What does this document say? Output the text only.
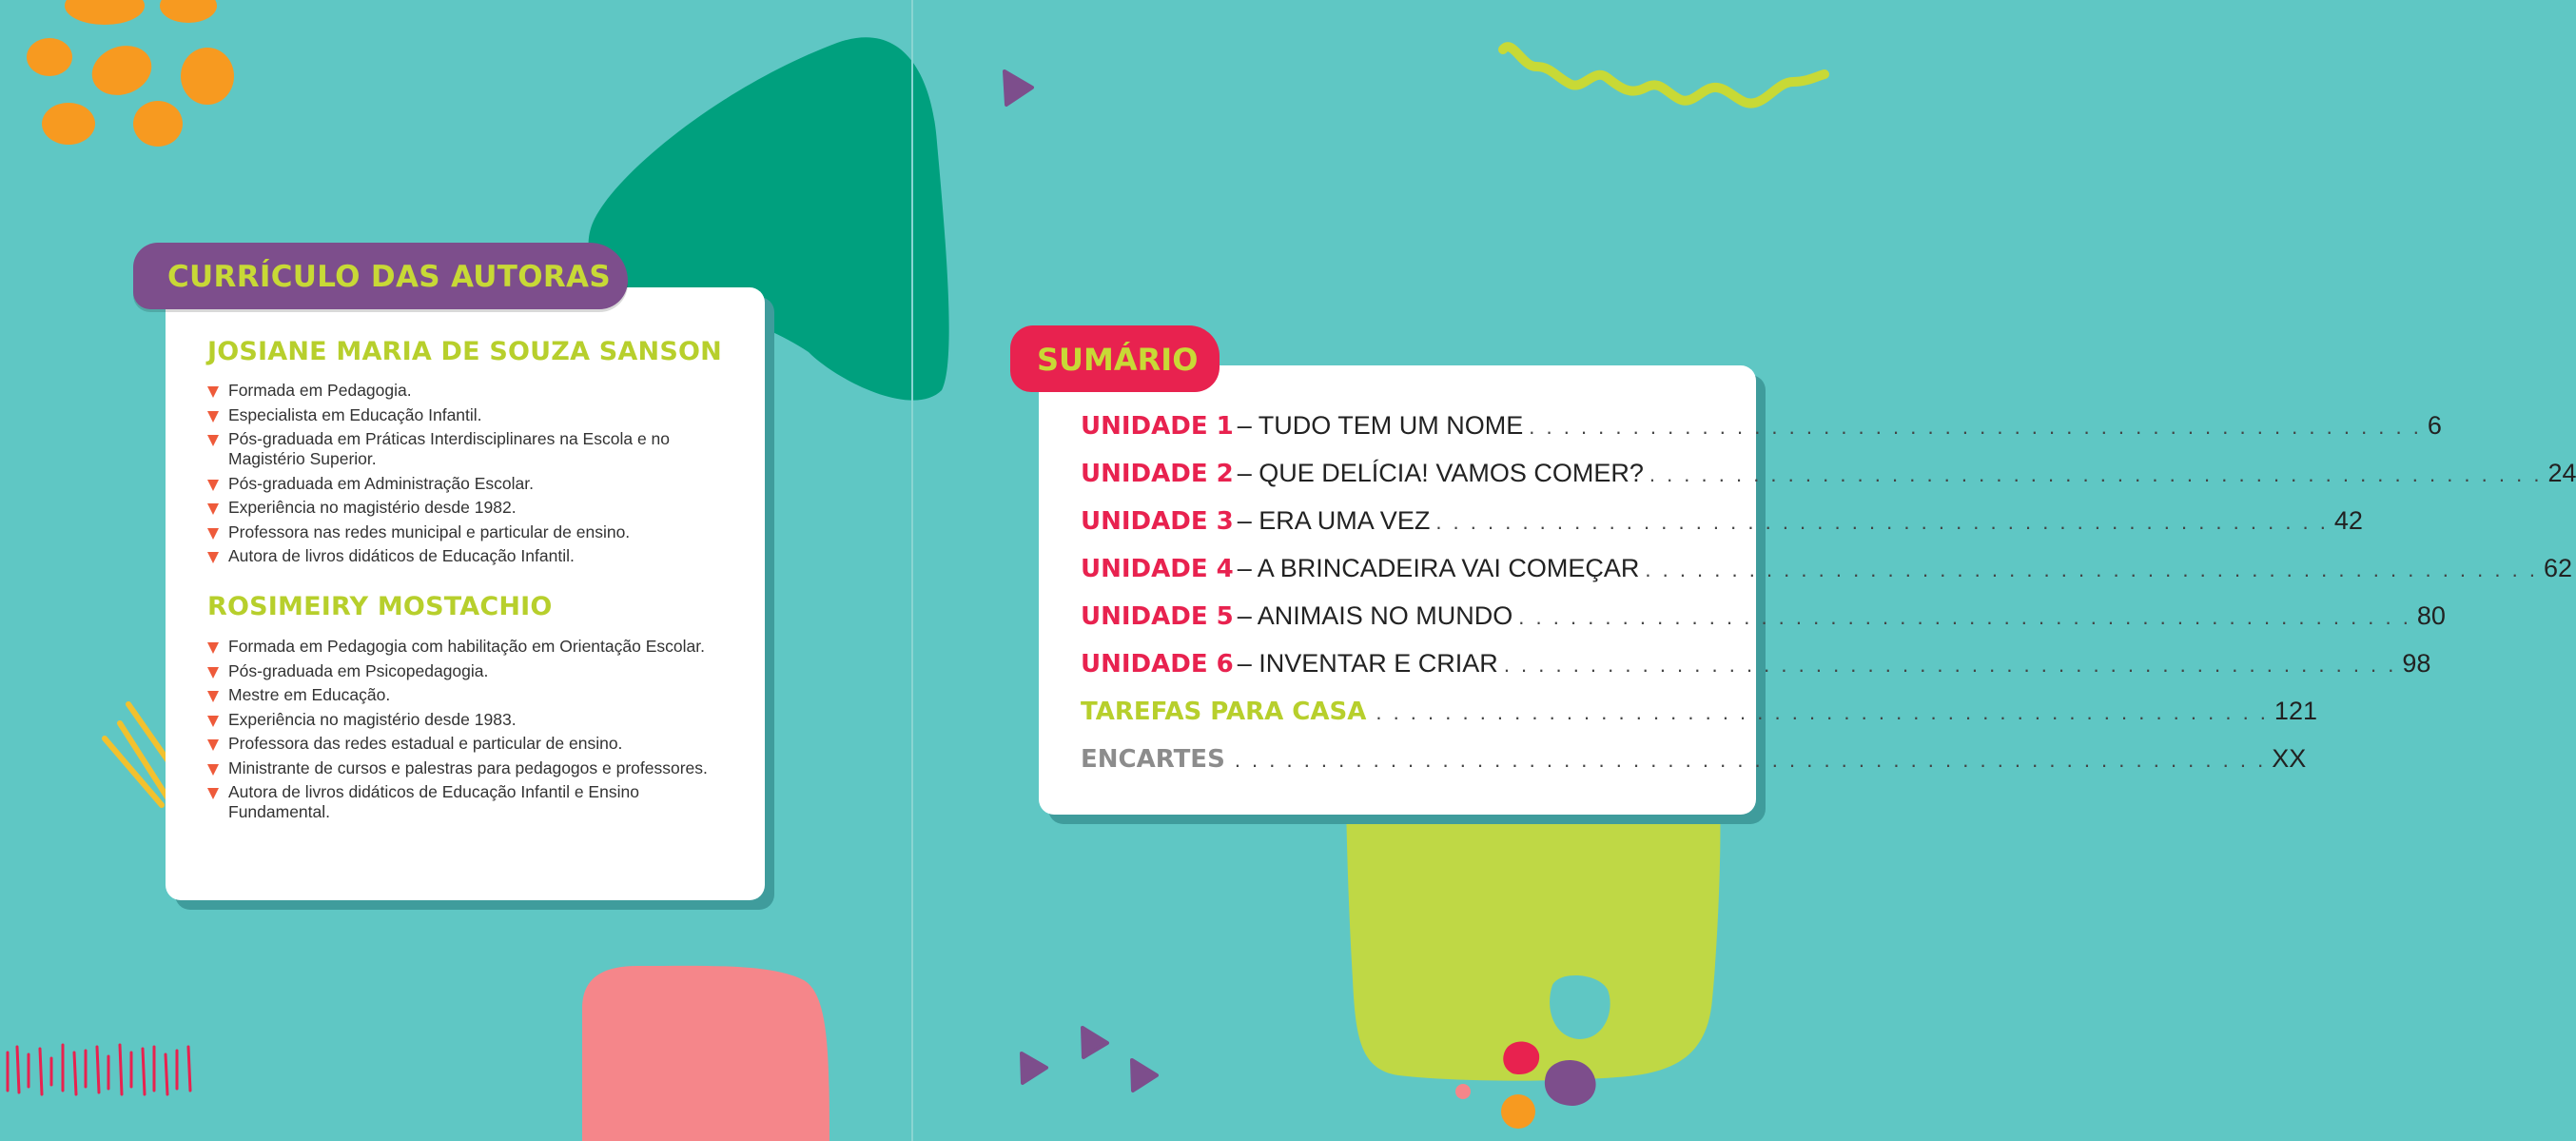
JOSIANE MARIA DE SOUZA SANSON
Formada em Pedagogia.
Especialista em Educação Infantil.
Pós-graduada em Práticas Interdisciplinares na Escola e no Magistério Superior.
Pós-graduada em Administração Escolar.
Experiência no magistério desde 1982.
Professora nas redes municipal e particular de ensino.
Autora de livros didáticos de Educação Infantil.
ROSIMEIRY MOSTACHIO
Formada em Pedagogia com habilitação em Orientação Escolar.
Pós-graduada em Psicopedagogia.
Mestre em Educação.
Experiência no magistério desde 1983.
Professora das redes estadual e particular de ensino.
Ministrante de cursos e palestras para pedagogos e professores.
Autora de livros didáticos de Educação Infantil e Ensino Fundamental.
CURRÍCULO DAS AUTORAS
UNIDADE 1 – TUDO TEM UM NOME . . . . . . . . . . . . . . . . . . . . . . . . . . . . . . . . . . . . . . . . . . . . . . . . . . . . 6
UNIDADE 2 – QUE DELÍCIA! VAMOS COMER? . . . . . . . . . . . . . . . . . . . . . . . . . . . . . . . . . . . . . . . . . . . . . . . . . . . . 24
UNIDADE 3 – ERA UMA VEZ . . . . . . . . . . . . . . . . . . . . . . . . . . . . . . . . . . . . . . . . . . . . . . . . . . . . 42
UNIDADE 4 – A BRINCADEIRA VAI COMEÇAR . . . . . . . . . . . . . . . . . . . . . . . . . . . . . . . . . . . . . . . . . . . . . . . . . . . . 62
UNIDADE 5 – ANIMAIS NO MUNDO . . . . . . . . . . . . . . . . . . . . . . . . . . . . . . . . . . . . . . . . . . . . . . . . . . . . 80
UNIDADE 6 – INVENTAR E CRIAR . . . . . . . . . . . . . . . . . . . . . . . . . . . . . . . . . . . . . . . . . . . . . . . . . . . . 98
TAREFAS PARA CASA . . . . . . . . . . . . . . . . . . . . . . . . . . . . . . . . . . . . . . . . . . . . . . . . . . . . 121
ENCARTES . . . . . . . . . . . . . . . . . . . . . . . . . . . . . . . . . . . . . . . . . . . . . . . . . . . . . . . . . . . . XX
SUMÁRIO
